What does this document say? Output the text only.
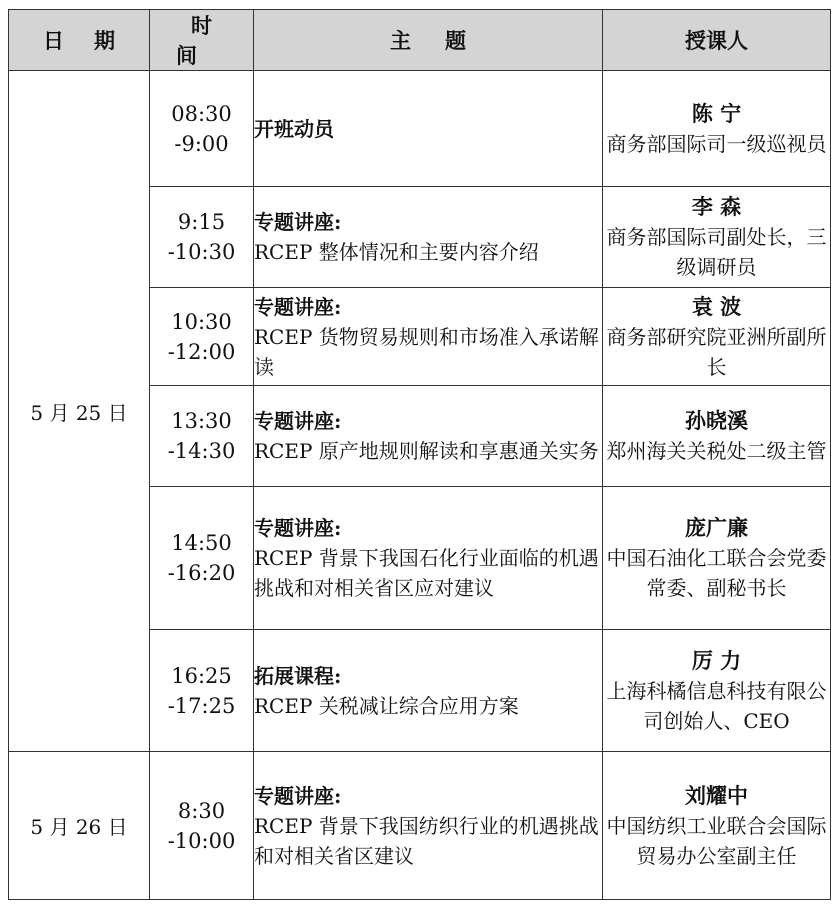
日期	时间	主题	授课人
5 月 25 日	08:30
-9:00	开班动员	陈 宁
商务部国际司一级巡视员

	9:15
-10:30	专题讲座:
RCEP 整体情况和主要内容介绍	李 森
商务部国际司副处长，三级调研员

	10:30
-12:00	专题讲座:
RCEP 货物贸易规则和市场准入承诺解读	袁 波
商务部研究院亚洲所副所长

	13:30
-14:30	专题讲座:
RCEP 原产地规则解读和享惠通关实务	孙晓溪
郑州海关关税处二级主管

	14:50
-16:20	专题讲座:
RCEP 背景下我国石化行业面临的机遇挑战和对相关省区应对建议	庞广廉
中国石油化工联合会党委常委、副秘书长

	16:25
-17:25	拓展课程:
RCEP 关税减让综合应用方案	厉 力
上海科橘信息科技有限公司创始人、CEO

5 月 26 日	8:30
-10:00	专题讲座:
RCEP 背景下我国纺织行业的机遇挑战和对相关省区建议	刘耀中
中国纺织工业联合会国际贸易办公室副主任
